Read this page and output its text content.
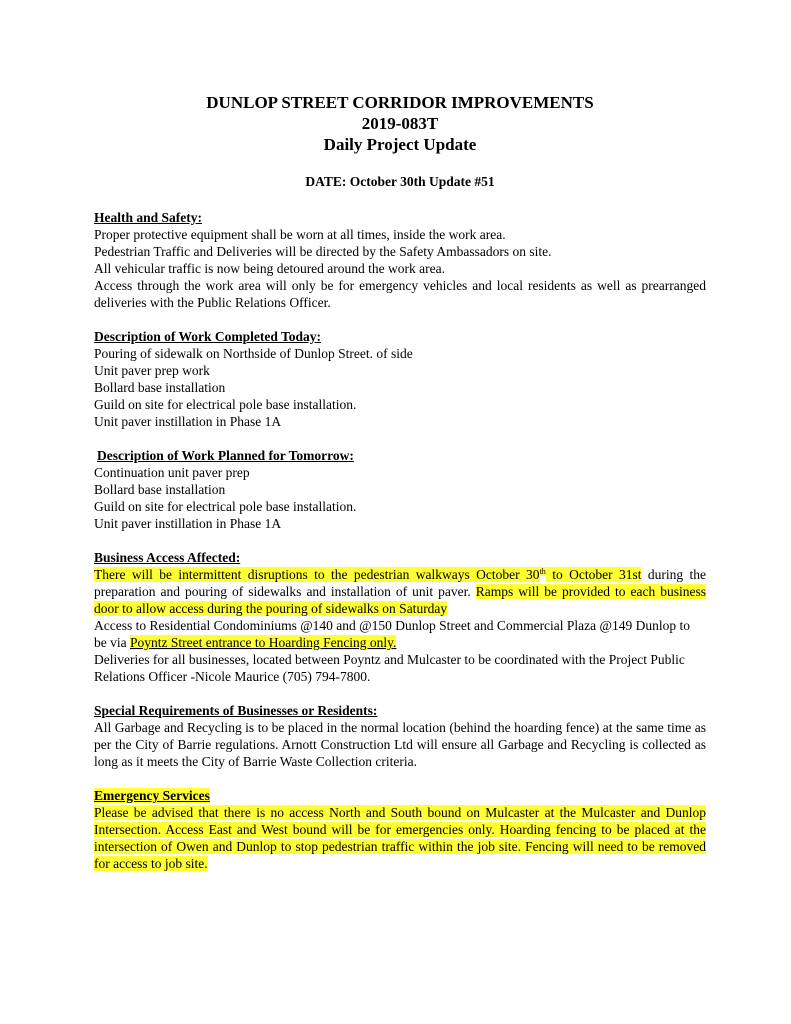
DUNLOP STREET CORRIDOR IMPROVEMENTS

2019-083T

Daily Project Update

DATE: October 30th Update #51

Health and Safety:

Proper protective equipment shall be worn at all times, inside the work area.

Pedestrian Traffic and Deliveries will be directed by the Safety Ambassadors on site.

All vehicular traffic is now being detoured around the work area.

Access through the work area will only be for emergency vehicles and local residents as well as prearranged deliveries with the Public Relations Officer.

Description of Work Completed Today:

Pouring of sidewalk on Northside of Dunlop Street. of side

Unit paver prep work

Bollard base installation

Guild on site for electrical pole base installation.

Unit paver instillation in Phase 1A

Description of Work Planned for Tomorrow:

Continuation unit paver prep

Bollard base installation

Guild on site for electrical pole base installation.

Unit paver instillation in Phase 1A

Business Access Affected:

There will be intermittent disruptions to the pedestrian walkways October 30th to October 31st during the preparation and pouring of sidewalks and installation of unit paver. Ramps will be provided to each business door to allow access during the pouring of sidewalks on Saturday

Access to Residential Condominiums @140 and @150 Dunlop Street and Commercial Plaza @149 Dunlop to be via Poyntz Street entrance to Hoarding Fencing only.

Deliveries for all businesses, located between Poyntz and Mulcaster to be coordinated with the Project Public Relations Officer -Nicole Maurice (705) 794-7800.

Special Requirements of Businesses or Residents:

All Garbage and Recycling is to be placed in the normal location (behind the hoarding fence) at the same time as per the City of Barrie regulations. Arnott Construction Ltd will ensure all Garbage and Recycling is collected as long as it meets the City of Barrie Waste Collection criteria.

Emergency Services

Please be advised that there is no access North and South bound on Mulcaster at the Mulcaster and Dunlop Intersection. Access East and West bound will be for emergencies only. Hoarding fencing to be placed at the intersection of Owen and Dunlop to stop pedestrian traffic within the job site. Fencing will need to be removed for access to job site.
